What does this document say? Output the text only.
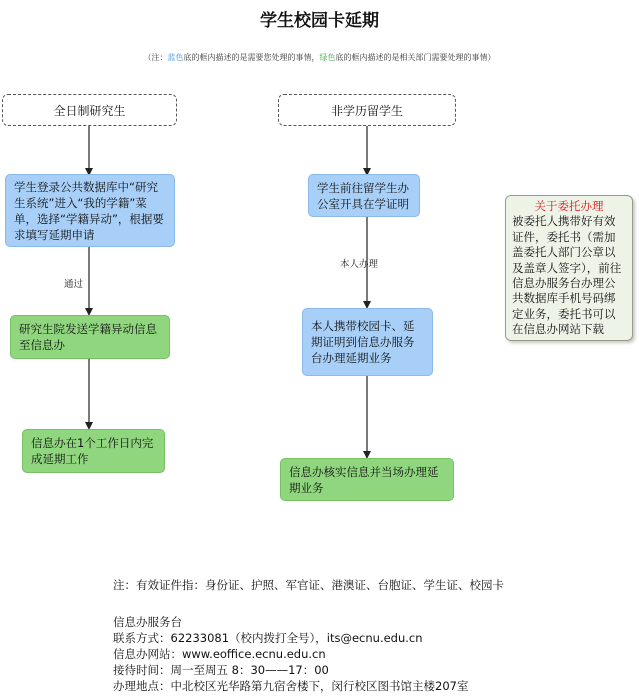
学生校园卡延期
（注：蓝色底的框内描述的是需要您处理的事情，绿色底的框内描述的是相关部门需要处理的事情）
全日制研究生
学生登录公共数据库中“研究生系统”进入“我的学籍”菜单，选择“学籍异动”，根据要求填写延期申请
通过
研究生院发送学籍异动信息至信息办
信息办在1个工作日内完成延期工作
非学历留学生
学生前往留学生办公室开具在学证明
本人办理
本人携带校园卡、延期证明到信息办服务台办理延期业务
信息办核实信息并当场办理延期业务
关于委托办理
被委托人携带好有效证件，委托书（需加盖委托人部门公章以及盖章人签字），前往信息办服务台办理公共数据库手机号码绑定业务，委托书可以在信息办网站下载
注：有效证件指：身份证、护照、军官证、港澳证、台胞证、学生证、校园卡
信息办服务台
联系方式：62233081（校内拨打全号），its@ecnu.edu.cn
信息办网站：www.eoffice.ecnu.edu.cn
接待时间：周一至周五 8：30——17：00
办理地点：中北校区光华路第九宿舍楼下，闵行校区图书馆主楼207室
